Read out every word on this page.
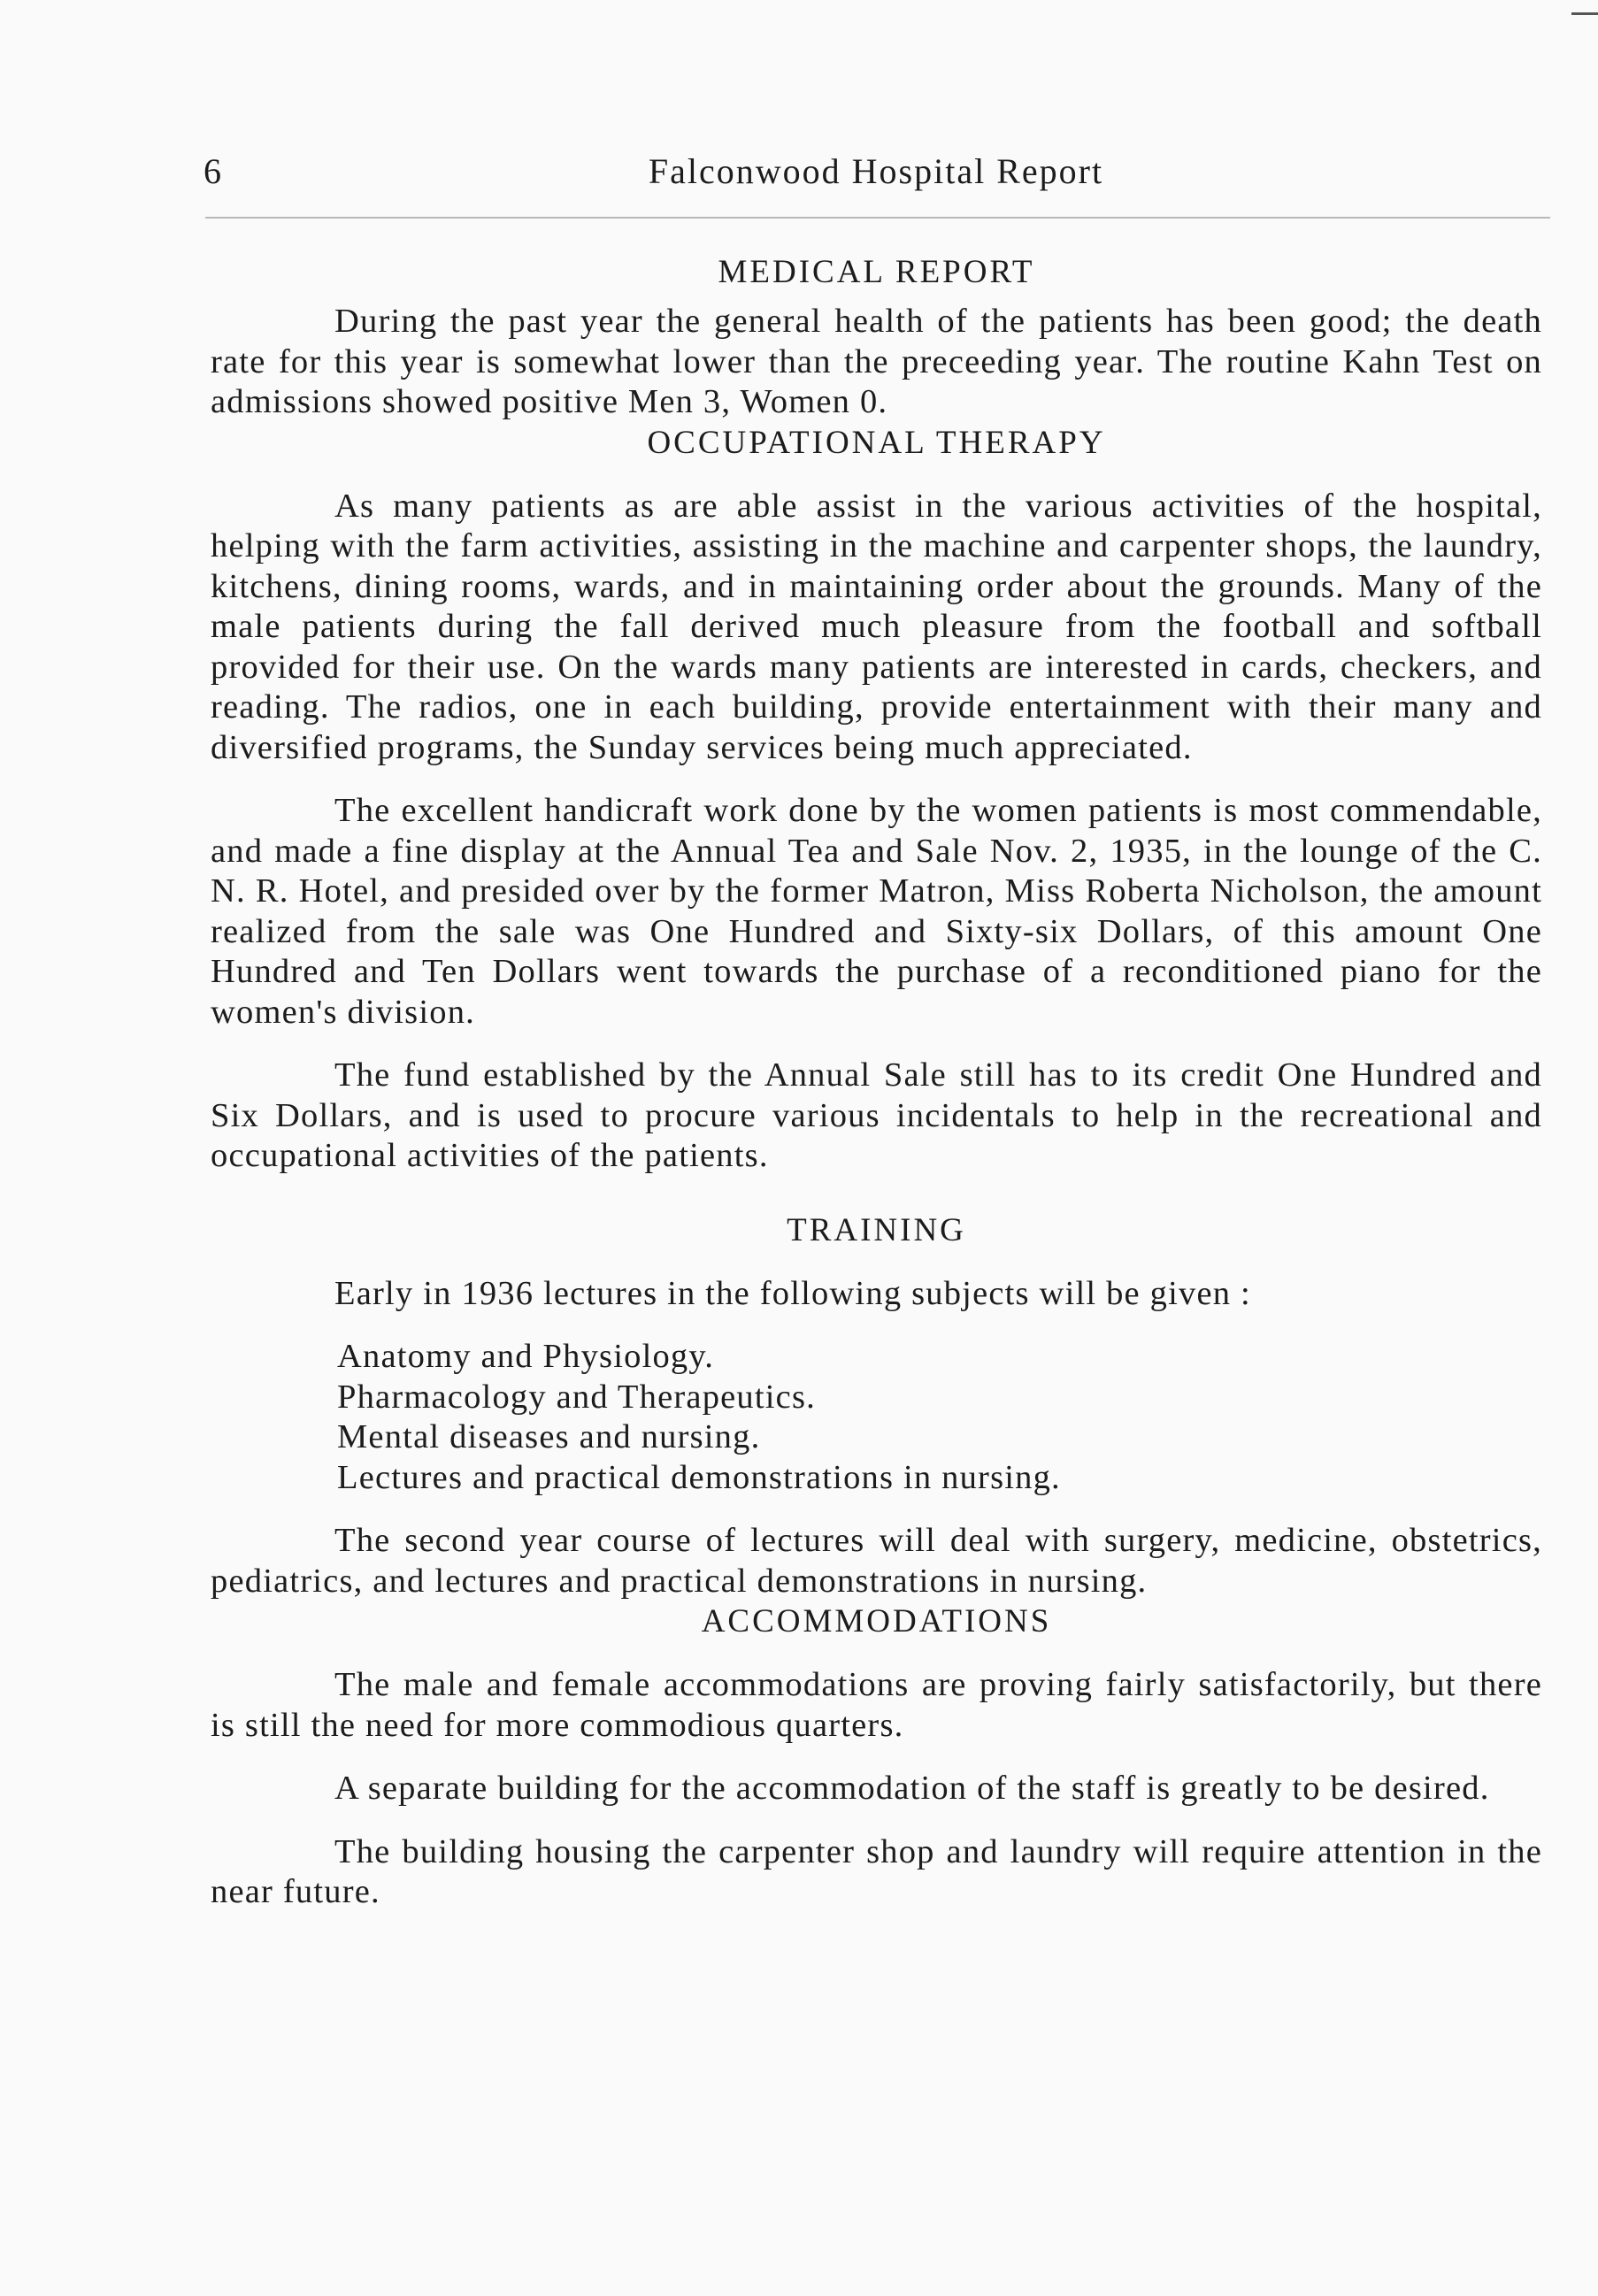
6	Falconwood Hospital Report
MEDICAL REPORT

During the past year the general health of the patients has been good; the death rate for this year is somewhat lower than the preceeding year. The routine Kahn Test on admissions showed positive Men 3, Women 0.

OCCUPATIONAL THERAPY

As many patients as are able assist in the various activities of the hospital, helping with the farm activities, assisting in the machine and carpenter shops, the laundry, kitchens, dining rooms, wards, and in maintaining order about the grounds. Many of the male patients during the fall derived much pleasure from the football and softball provided for their use. On the wards many patients are interested in cards, checkers, and reading. The radios, one in each building, provide entertainment with their many and diversified programs, the Sunday services being much appreciated.

The excellent handicraft work done by the women patients is most commendable, and made a fine display at the Annual Tea and Sale Nov. 2, 1935, in the lounge of the C. N. R. Hotel, and presided over by the former Matron, Miss Roberta Nicholson, the amount realized from the sale was One Hundred and Sixty-six Dollars, of this amount One Hundred and Ten Dollars went towards the purchase of a reconditioned piano for the women's division.

The fund established by the Annual Sale still has to its credit One Hundred and Six Dollars, and is used to procure various incidentals to help in the recreational and occupational activities of the patients.

TRAINING

Early in 1936 lectures in the following subjects will be given :

Anatomy and Physiology.
Pharmacology and Therapeutics.
Mental diseases and nursing.
Lectures and practical demonstrations in nursing.

The second year course of lectures will deal with surgery, medicine, obstetrics, pediatrics, and lectures and practical demonstrations in nursing.

ACCOMMODATIONS

The male and female accommodations are proving fairly satisfactorily, but there is still the need for more commodious quarters.

A separate building for the accommodation of the staff is greatly to be desired.

The building housing the carpenter shop and laundry will require attention in the near future.
